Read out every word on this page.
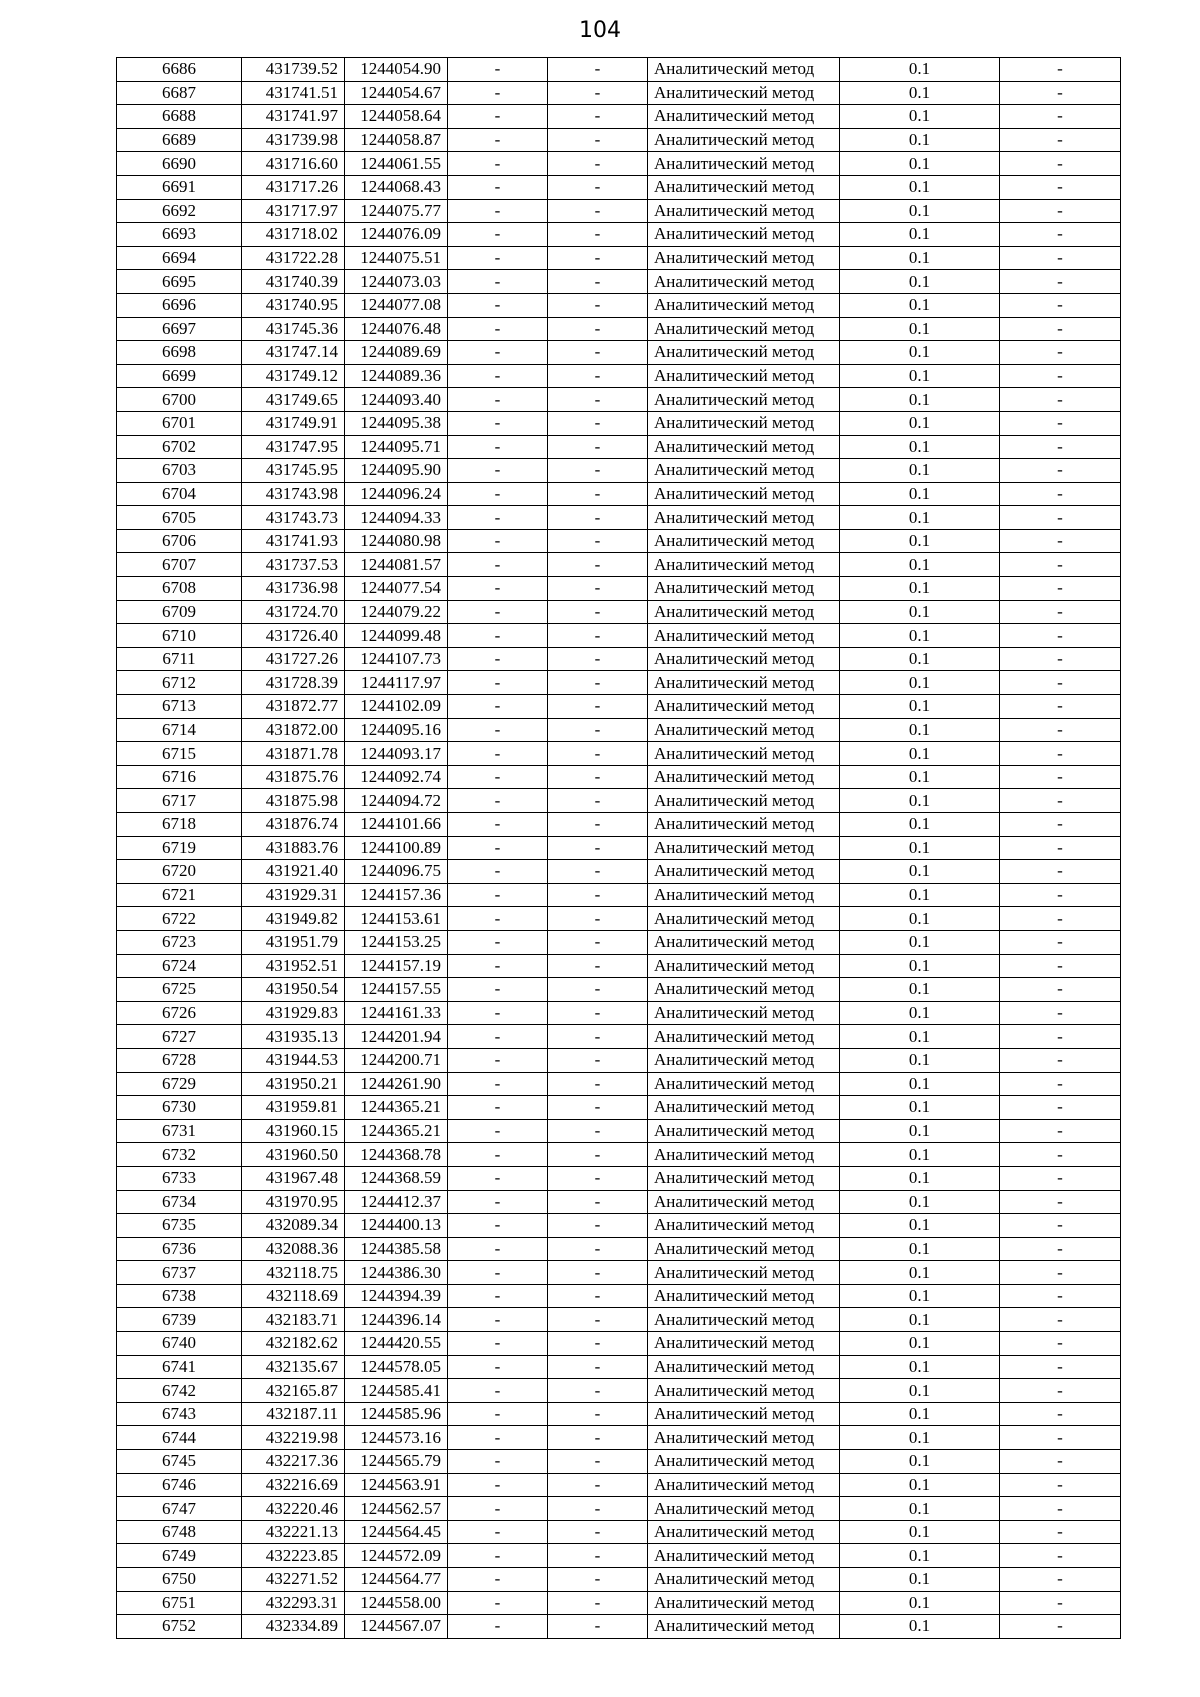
104
6686	431739.52	1244054.90	-	-	Аналитический метод	0.1	-
6687	431741.51	1244054.67	-	-	Аналитический метод	0.1	-
6688	431741.97	1244058.64	-	-	Аналитический метод	0.1	-
6689	431739.98	1244058.87	-	-	Аналитический метод	0.1	-
6690	431716.60	1244061.55	-	-	Аналитический метод	0.1	-
6691	431717.26	1244068.43	-	-	Аналитический метод	0.1	-
6692	431717.97	1244075.77	-	-	Аналитический метод	0.1	-
6693	431718.02	1244076.09	-	-	Аналитический метод	0.1	-
6694	431722.28	1244075.51	-	-	Аналитический метод	0.1	-
6695	431740.39	1244073.03	-	-	Аналитический метод	0.1	-
6696	431740.95	1244077.08	-	-	Аналитический метод	0.1	-
6697	431745.36	1244076.48	-	-	Аналитический метод	0.1	-
6698	431747.14	1244089.69	-	-	Аналитический метод	0.1	-
6699	431749.12	1244089.36	-	-	Аналитический метод	0.1	-
6700	431749.65	1244093.40	-	-	Аналитический метод	0.1	-
6701	431749.91	1244095.38	-	-	Аналитический метод	0.1	-
6702	431747.95	1244095.71	-	-	Аналитический метод	0.1	-
6703	431745.95	1244095.90	-	-	Аналитический метод	0.1	-
6704	431743.98	1244096.24	-	-	Аналитический метод	0.1	-
6705	431743.73	1244094.33	-	-	Аналитический метод	0.1	-
6706	431741.93	1244080.98	-	-	Аналитический метод	0.1	-
6707	431737.53	1244081.57	-	-	Аналитический метод	0.1	-
6708	431736.98	1244077.54	-	-	Аналитический метод	0.1	-
6709	431724.70	1244079.22	-	-	Аналитический метод	0.1	-
6710	431726.40	1244099.48	-	-	Аналитический метод	0.1	-
6711	431727.26	1244107.73	-	-	Аналитический метод	0.1	-
6712	431728.39	1244117.97	-	-	Аналитический метод	0.1	-
6713	431872.77	1244102.09	-	-	Аналитический метод	0.1	-
6714	431872.00	1244095.16	-	-	Аналитический метод	0.1	-
6715	431871.78	1244093.17	-	-	Аналитический метод	0.1	-
6716	431875.76	1244092.74	-	-	Аналитический метод	0.1	-
6717	431875.98	1244094.72	-	-	Аналитический метод	0.1	-
6718	431876.74	1244101.66	-	-	Аналитический метод	0.1	-
6719	431883.76	1244100.89	-	-	Аналитический метод	0.1	-
6720	431921.40	1244096.75	-	-	Аналитический метод	0.1	-
6721	431929.31	1244157.36	-	-	Аналитический метод	0.1	-
6722	431949.82	1244153.61	-	-	Аналитический метод	0.1	-
6723	431951.79	1244153.25	-	-	Аналитический метод	0.1	-
6724	431952.51	1244157.19	-	-	Аналитический метод	0.1	-
6725	431950.54	1244157.55	-	-	Аналитический метод	0.1	-
6726	431929.83	1244161.33	-	-	Аналитический метод	0.1	-
6727	431935.13	1244201.94	-	-	Аналитический метод	0.1	-
6728	431944.53	1244200.71	-	-	Аналитический метод	0.1	-
6729	431950.21	1244261.90	-	-	Аналитический метод	0.1	-
6730	431959.81	1244365.21	-	-	Аналитический метод	0.1	-
6731	431960.15	1244365.21	-	-	Аналитический метод	0.1	-
6732	431960.50	1244368.78	-	-	Аналитический метод	0.1	-
6733	431967.48	1244368.59	-	-	Аналитический метод	0.1	-
6734	431970.95	1244412.37	-	-	Аналитический метод	0.1	-
6735	432089.34	1244400.13	-	-	Аналитический метод	0.1	-
6736	432088.36	1244385.58	-	-	Аналитический метод	0.1	-
6737	432118.75	1244386.30	-	-	Аналитический метод	0.1	-
6738	432118.69	1244394.39	-	-	Аналитический метод	0.1	-
6739	432183.71	1244396.14	-	-	Аналитический метод	0.1	-
6740	432182.62	1244420.55	-	-	Аналитический метод	0.1	-
6741	432135.67	1244578.05	-	-	Аналитический метод	0.1	-
6742	432165.87	1244585.41	-	-	Аналитический метод	0.1	-
6743	432187.11	1244585.96	-	-	Аналитический метод	0.1	-
6744	432219.98	1244573.16	-	-	Аналитический метод	0.1	-
6745	432217.36	1244565.79	-	-	Аналитический метод	0.1	-
6746	432216.69	1244563.91	-	-	Аналитический метод	0.1	-
6747	432220.46	1244562.57	-	-	Аналитический метод	0.1	-
6748	432221.13	1244564.45	-	-	Аналитический метод	0.1	-
6749	432223.85	1244572.09	-	-	Аналитический метод	0.1	-
6750	432271.52	1244564.77	-	-	Аналитический метод	0.1	-
6751	432293.31	1244558.00	-	-	Аналитический метод	0.1	-
6752	432334.89	1244567.07	-	-	Аналитический метод	0.1	-
